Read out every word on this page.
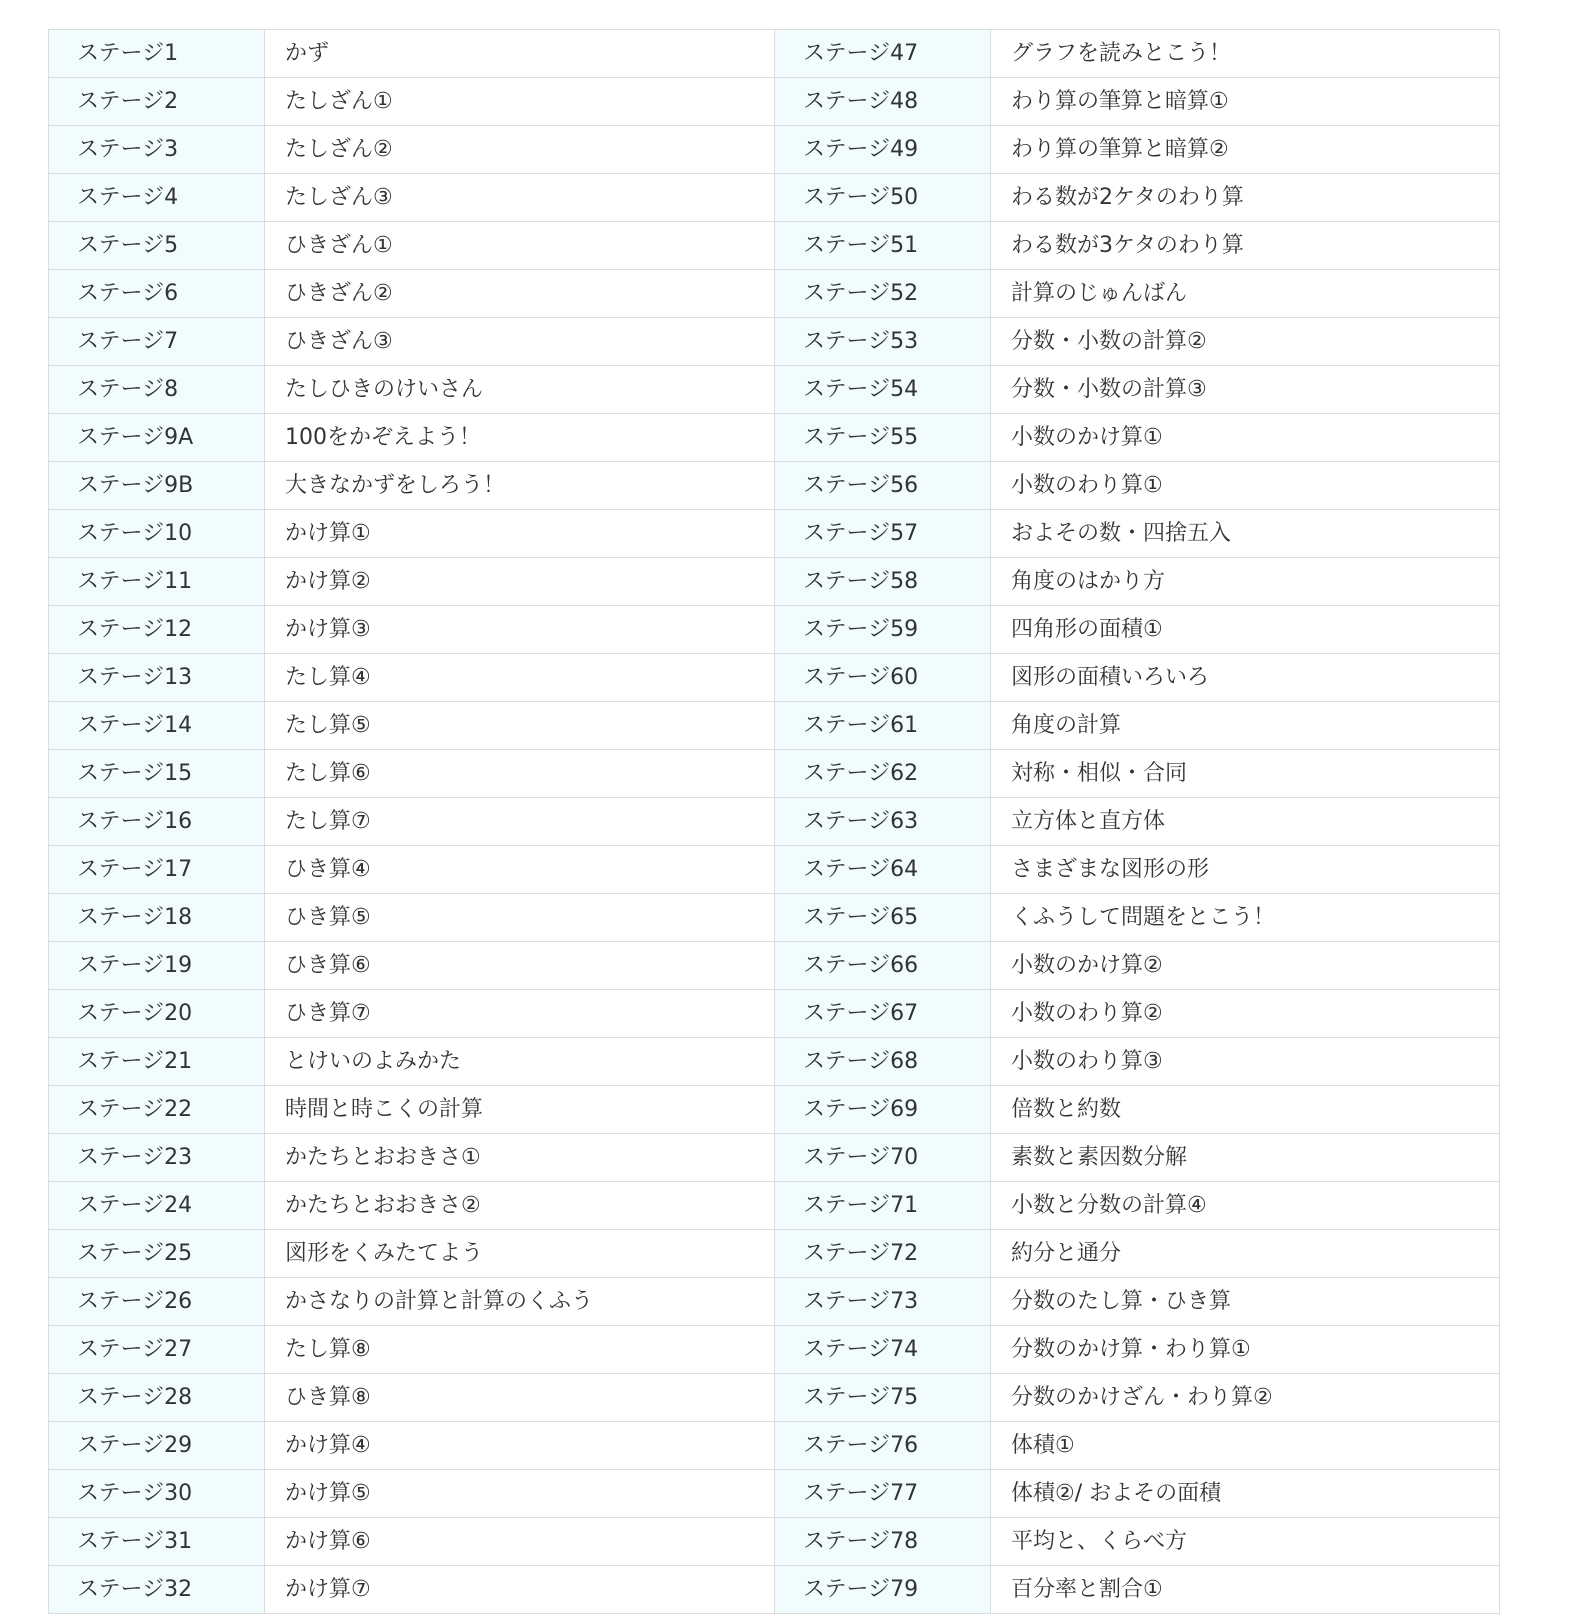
ステージ1	かず	ステージ47	グラフを読みとこう！
ステージ2	たしざん①	ステージ48	わり算の筆算と暗算①
ステージ3	たしざん②	ステージ49	わり算の筆算と暗算②
ステージ4	たしざん③	ステージ50	わる数が2ケタのわり算
ステージ5	ひきざん①	ステージ51	わる数が3ケタのわり算
ステージ6	ひきざん②	ステージ52	計算のじゅんばん
ステージ7	ひきざん③	ステージ53	分数・小数の計算②
ステージ8	たしひきのけいさん	ステージ54	分数・小数の計算③
ステージ9A	100をかぞえよう！	ステージ55	小数のかけ算①
ステージ9B	大きなかずをしろう！	ステージ56	小数のわり算①
ステージ10	かけ算①	ステージ57	およその数・四捨五入
ステージ11	かけ算②	ステージ58	角度のはかり方
ステージ12	かけ算③	ステージ59	四角形の面積①
ステージ13	たし算④	ステージ60	図形の面積いろいろ
ステージ14	たし算⑤	ステージ61	角度の計算
ステージ15	たし算⑥	ステージ62	対称・相似・合同
ステージ16	たし算⑦	ステージ63	立方体と直方体
ステージ17	ひき算④	ステージ64	さまざまな図形の形
ステージ18	ひき算⑤	ステージ65	くふうして問題をとこう！
ステージ19	ひき算⑥	ステージ66	小数のかけ算②
ステージ20	ひき算⑦	ステージ67	小数のわり算②
ステージ21	とけいのよみかた	ステージ68	小数のわり算③
ステージ22	時間と時こくの計算	ステージ69	倍数と約数
ステージ23	かたちとおおきさ①	ステージ70	素数と素因数分解
ステージ24	かたちとおおきさ②	ステージ71	小数と分数の計算④
ステージ25	図形をくみたてよう	ステージ72	約分と通分
ステージ26	かさなりの計算と計算のくふう	ステージ73	分数のたし算・ひき算
ステージ27	たし算⑧	ステージ74	分数のかけ算・わり算①
ステージ28	ひき算⑧	ステージ75	分数のかけざん・わり算②
ステージ29	かけ算④	ステージ76	体積①
ステージ30	かけ算⑤	ステージ77	体積②/ およその面積
ステージ31	かけ算⑥	ステージ78	平均と、くらべ方
ステージ32	かけ算⑦	ステージ79	百分率と割合①
